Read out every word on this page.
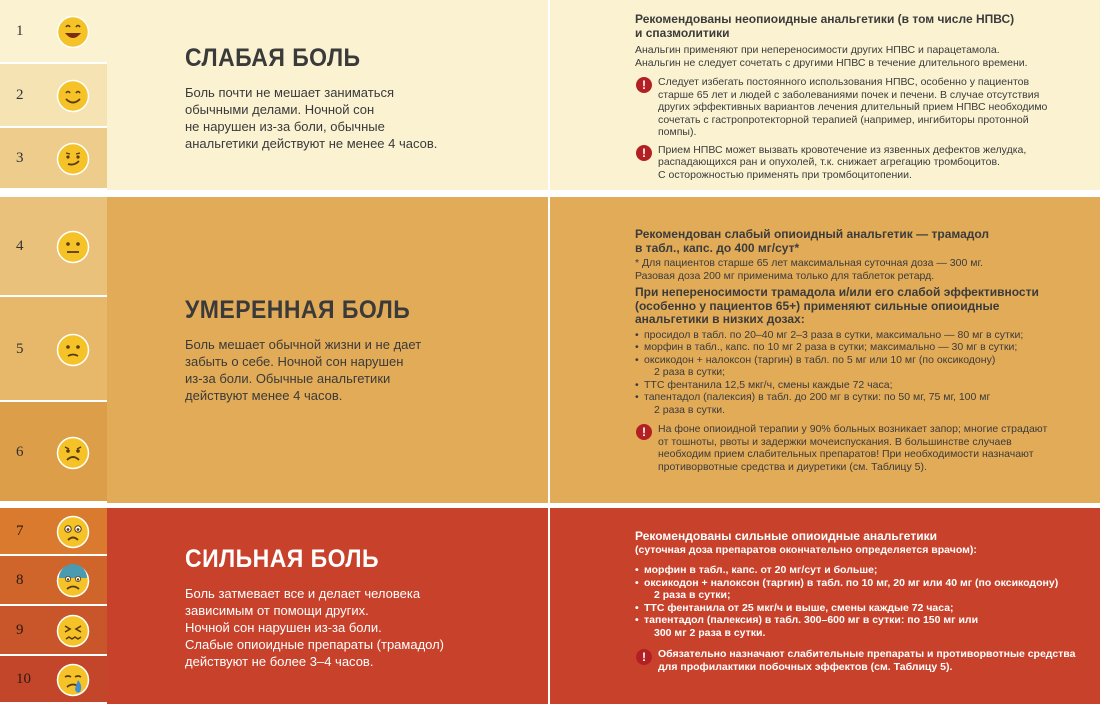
1
2
3
4
5
6
7
8
9
10
СЛАБАЯ БОЛЬ
Боль почти не мешает заниматься
обычными делами. Ночной сон
не нарушен из-за боли, обычные
анальгетики действуют не менее 4 часов.
Рекомендованы неопиоидные анальгетики (в том числе НПВС)
и спазмолитики
Анальгин применяют при непереносимости других НПВС и парацетамола.
Анальгин не следует сочетать с другими НПВС в течение длительного времени.
!	Следует избегать постоянного использования НПВС, особенно у пациентов
старше 65 лет и людей с заболеваниями почек и печени. В случае отсутствия
других эффективных вариантов лечения длительный прием НПВС необходимо
сочетать с гастропротекторной терапией (например, ингибиторы протонной
помпы).
!	Прием НПВС может вызвать кровотечение из язвенных дефектов желудка,
распадающихся ран и опухолей, т.к. снижает агрегацию тромбоцитов.
С осторожностью применять при тромбоцитопении.
УМЕРЕННАЯ БОЛЬ
Боль мешает обычной жизни и не дает
забыть о себе. Ночной сон нарушен
из-за боли. Обычные анальгетики
действуют менее 4 часов.
Рекомендован слабый опиоидный анальгетик — трамадол
в табл., капс. до 400 мг/сут*
* Для пациентов старше 65 лет максимальная суточная доза — 300 мг.
Разовая доза 200 мг применима только для таблеток ретард.
При непереносимости трамадола и/или его слабой эффективности
(особенно у пациентов 65+) применяют сильные опиоидные
анальгетики в низких дозах:
• просидол в табл. по 20–40 мг 2–3 раза в сутки, максимально — 80 мг в сутки;
• морфин в табл., капс. по 10 мг 2 раза в сутки; максимально — 30 мг в сутки;
• оксикодон + налоксон (таргин) в табл. по 5 мг или 10 мг (по оксикодону)
2 раза в сутки;
• ТТС фентанила 12,5 мкг/ч, смены каждые 72 часа;
• тапентадол (палексия) в табл. до 200 мг в сутки: по 50 мг, 75 мг, 100 мг
2 раза в сутки.
!	На фоне опиоидной терапии у 90% больных возникает запор; многие страдают
от тошноты, рвоты и задержки мочеиспускания. В большинстве случаев
необходим прием слабительных препаратов! При необходимости назначают
противорвотные средства и диуретики (см. Таблицу 5).
СИЛЬНАЯ БОЛЬ
Боль затмевает все и делает человека
зависимым от помощи других.
Ночной сон нарушен из-за боли.
Слабые опиоидные препараты (трамадол)
действуют не более 3–4 часов.
Рекомендованы сильные опиоидные анальгетики
(суточная доза препаратов окончательно определяется врачом):
• морфин в табл., капс. от 20 мг/сут и больше;
• оксикодон + налоксон (таргин) в табл. по 10 мг, 20 мг или 40 мг (по оксикодону)
2 раза в сутки;
• ТТС фентанила от 25 мкг/ч и выше, смены каждые 72 часа;
• тапентадол (палексия) в табл. 300–600 мг в сутки: по 150 мг или
300 мг 2 раза в сутки.
!	Обязательно назначают слабительные препараты и противорвотные средства
для профилактики побочных эффектов (см. Таблицу 5).
